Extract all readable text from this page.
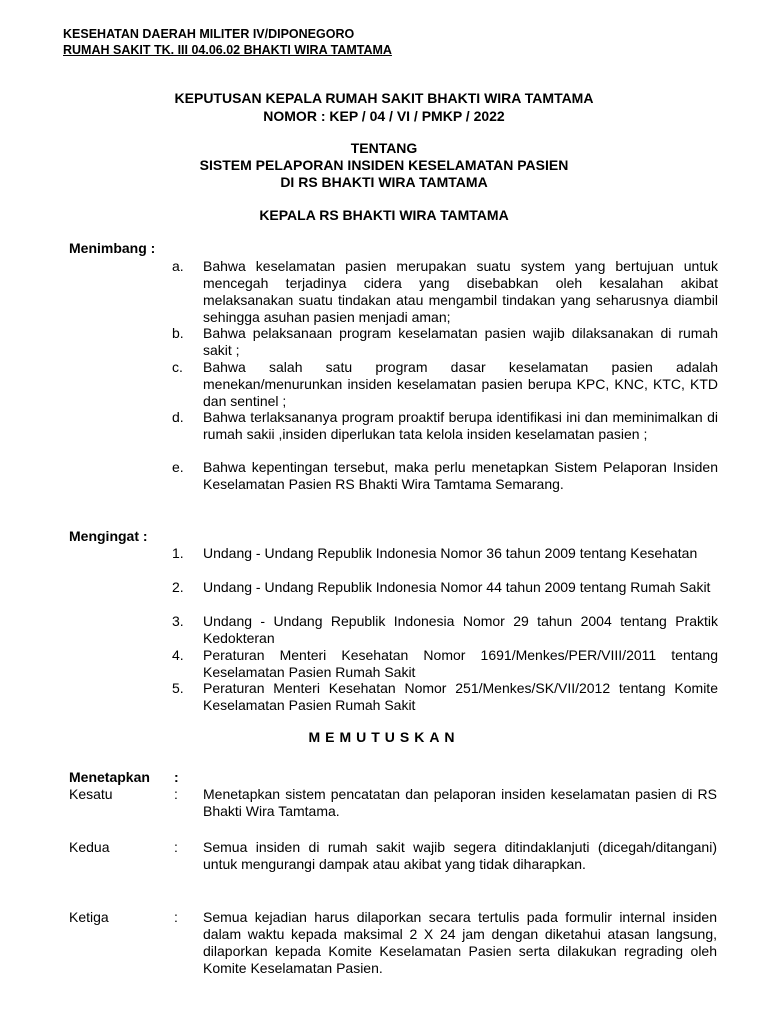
KESEHATAN DAERAH MILITER IV/DIPONEGORO
RUMAH SAKIT TK. III 04.06.02 BHAKTI WIRA TAMTAMA
KEPUTUSAN KEPALA RUMAH SAKIT BHAKTI WIRA TAMTAMA
NOMOR : KEP / 04 / VI / PMKP / 2022
TENTANG
SISTEM PELAPORAN INSIDEN KESELAMATAN PASIEN
DI RS BHAKTI WIRA TAMTAMA
KEPALA RS BHAKTI WIRA TAMTAMA
Menimbang :
a.	Bahwa keselamatan pasien merupakan suatu system yang bertujuan untuk mencegah terjadinya cidera yang disebabkan oleh kesalahan akibat melaksanakan suatu tindakan atau mengambil tindakan yang seharusnya diambil sehingga asuhan pasien menjadi aman;
b.	Bahwa pelaksanaan program keselamatan pasien wajib dilaksanakan di rumah sakit ;
c.	Bahwa salah satu program dasar keselamatan pasien adalah menekan/menurunkan insiden keselamatan pasien berupa KPC, KNC, KTC, KTD dan sentinel ;
d.	Bahwa terlaksananya program proaktif berupa identifikasi ini dan meminimalkan di rumah sakii ,insiden diperlukan tata kelola insiden keselamatan pasien ;
e.	Bahwa kepentingan tersebut, maka perlu menetapkan Sistem Pelaporan Insiden Keselamatan Pasien RS Bhakti Wira Tamtama Semarang.
Mengingat :
1.	Undang - Undang Republik Indonesia Nomor 36 tahun 2009 tentang Kesehatan
2.	Undang - Undang Republik Indonesia Nomor 44 tahun 2009 tentang Rumah Sakit
3.	Undang - Undang Republik Indonesia Nomor 29 tahun 2004 tentang Praktik Kedokteran
4.	Peraturan Menteri Kesehatan Nomor 1691/Menkes/PER/VIII/2011 tentang Keselamatan Pasien Rumah Sakit
5.	Peraturan Menteri Kesehatan Nomor 251/Menkes/SK/VII/2012 tentang Komite Keselamatan Pasien Rumah Sakit
MEMUTUSKAN
Menetapkan :
Kesatu	: Menetapkan sistem pencatatan dan pelaporan insiden keselamatan pasien di RS Bhakti Wira Tamtama.
Kedua	: Semua insiden di rumah sakit wajib segera ditindaklanjuti (dicegah/ditangani) untuk mengurangi dampak atau akibat yang tidak diharapkan.
Ketiga	: Semua kejadian harus dilaporkan secara tertulis pada formulir internal insiden dalam waktu kepada maksimal 2 X 24 jam dengan diketahui atasan langsung, dilaporkan kepada Komite Keselamatan Pasien serta dilakukan regrading oleh Komite Keselamatan Pasien.
